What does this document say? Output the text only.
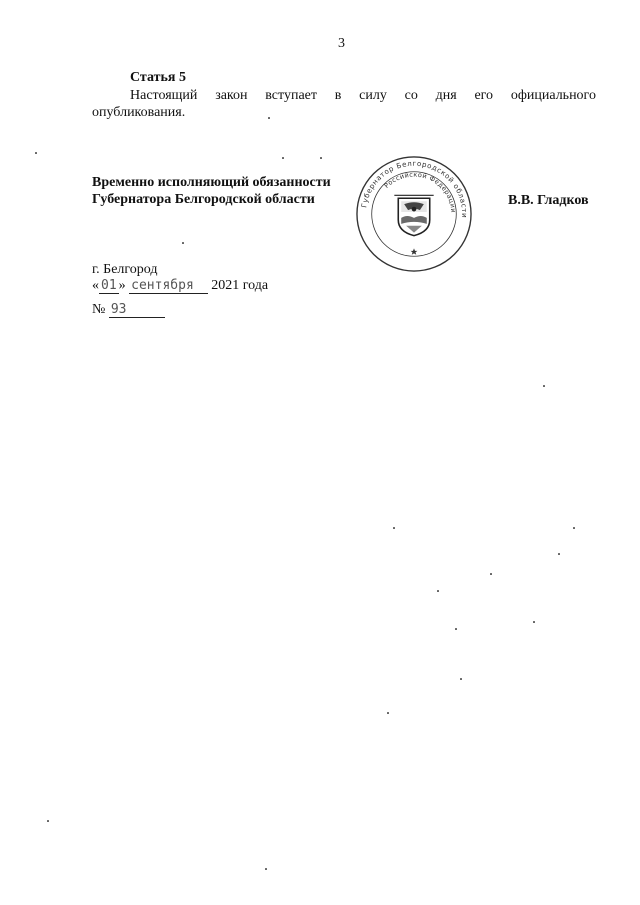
3
Статья 5
Настоящий закон вступает в силу со дня его официального
опубликования.
Временно исполняющий обязанности
Губернатора Белгородской области	В.В. Гладков
Губернатор Белгородской области
Российской Федерации
г. Белгород
« 01 » сентября 2021 года
№ 93
